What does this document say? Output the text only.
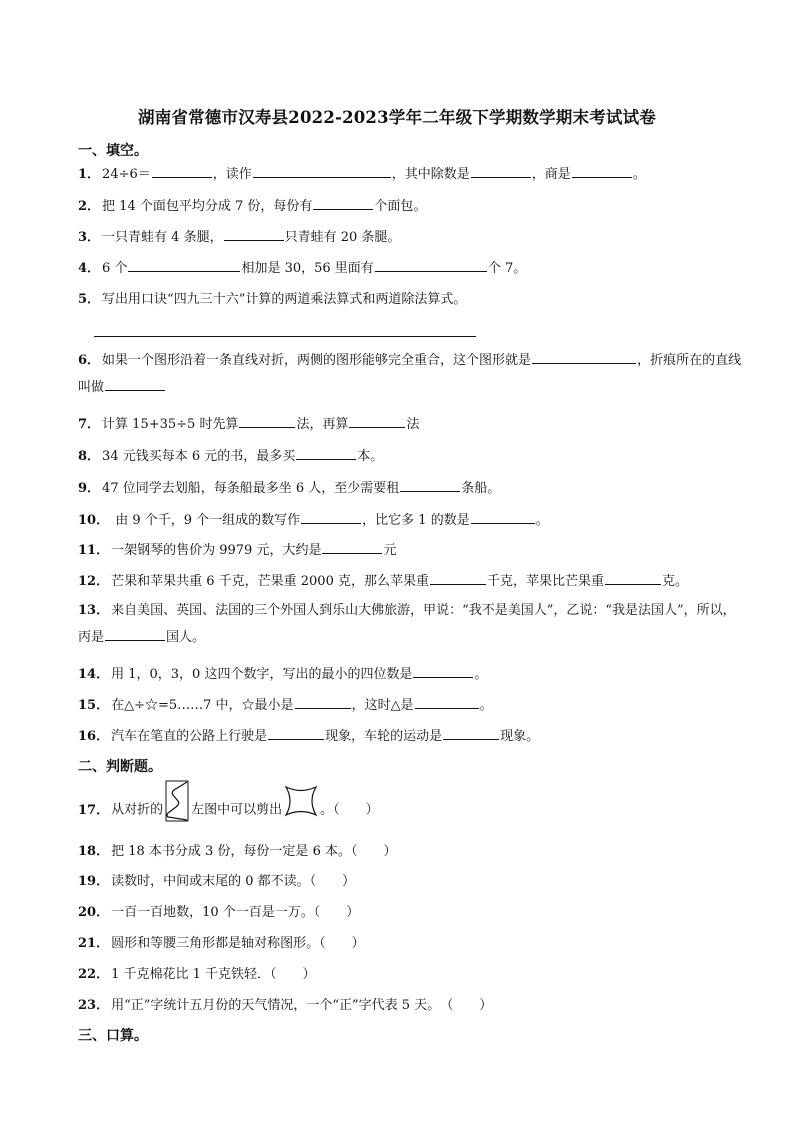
湖南省常德市汉寿县2022-2023学年二年级下学期数学期末考试试卷
一、填空。
1． 24÷6＝	，读作	，其中除数是	，商是	。
2． 把 14 个面包平均分成 7 份，每份有	个面包。
3． 一只青蛙有 4 条腿，	只青蛙有 20 条腿。
4． 6 个	相加是 30，56 里面有	个 7。
5． 写出用口诀“四九三十六”计算的两道乘法算式和两道除法算式。
6． 如果一个图形沿着一条直线对折，两侧的图形能够完全重合，这个图形就是	，折痕所在的直线叫做
7． 计算 15+35÷5 时先算	法，再算	法
8． 34 元钱买每本 6 元的书，最多买	本。
9． 47 位同学去划船，每条船最多坐 6 人，至少需要租	条船。
10． 由 9 个千，9 个一组成的数写作	，比它多 1 的数是	。
11． 一架钢琴的售价为 9979 元，大约是	元
12． 芒果和苹果共重 6 千克，芒果重 2000 克，那么苹果重	千克，苹果比芒果重	克。
13． 来自美国、英国、法国的三个外国人到乐山大佛旅游，甲说：“我不是美国人”，乙说：“我是法国人”，所以，丙是	国人。
14． 用 1，0，3，0 这四个数字，写出的最小的四位数是	。
15． 在△÷☆=5……7 中，☆最小是	，这时△是	。
16． 汽车在笔直的公路上行驶是	现象，车轮的运动是	现象。
二、判断题。
17． 从对折的 左图中可以剪出	。（　　）
18． 把 18 本书分成 3 份，每份一定是 6 本。（　　）
19． 读数时，中间或末尾的 0 都不读。（　　）
20． 一百一百地数，10 个一百是一万。（　　）
21． 圆形和等腰三角形都是轴对称图形。（　　）
22． 1 千克棉花比 1 千克铁轻．（　　）
23． 用“正”字统计五月份的天气情况，一个“正”字代表 5 天。　（　　）
三、口算。
